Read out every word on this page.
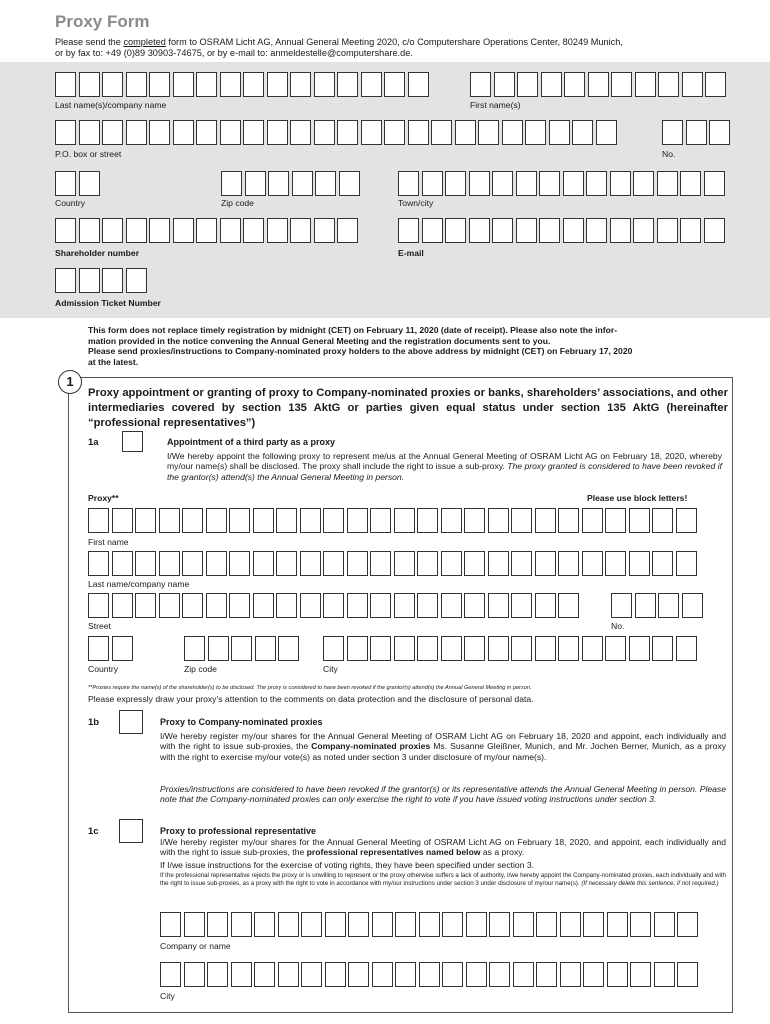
Proxy Form
Please send the completed form to OSRAM Licht AG, Annual General Meeting 2020, c/o Computershare Operations Center, 80249 Munich,
or by fax to: +49 (0)89 30903-74675, or by e-mail to: anmeldestelle@computershare.de.
Last name(s)/company name	First name(s)
P.O. box or street	No.
Country	Zip code	Town/city
Shareholder number	E-mail
Admission Ticket Number
This form does not replace timely registration by midnight (CET) on February 11, 2020 (date of receipt). Please also note the infor-
mation provided in the notice convening the Annual General Meeting and the registration documents sent to you.
Please send proxies/instructions to Company-nominated proxy holders to the above address by midnight (CET) on February 17, 2020
at the latest.
1
Proxy appointment or granting of proxy to Company-nominated proxies or banks, shareholders’ associations, and other intermediaries covered by section 135 AktG or parties given equal status under section 135 AktG (hereinafter “professional representatives”)
1a	Appointment of a third party as a proxy
I/We hereby appoint the following proxy to represent me/us at the Annual General Meeting of OSRAM Licht AG on February 18, 2020, whereby my/our name(s) shall be disclosed. The proxy shall include the right to issue a sub-proxy. The proxy granted is considered to have been revoked if the grantor(s) attend(s) the Annual General Meeting in person.
Proxy**	Please use block letters!
First name
Last name/company name
Street	No.
Country	Zip code	City
**Proxies require the name(s) of the shareholder(s) to be disclosed. The proxy is considered to have been revoked if the grantor(s) attend(s) the Annual General Meeting in person.
Please expressly draw your proxy’s attention to the comments on data protection and the disclosure of personal data.
1b	Proxy to Company-nominated proxies
I/We hereby register my/our shares for the Annual General Meeting of OSRAM Licht AG on February 18, 2020 and appoint, each individually and with the right to issue sub-proxies, the Company-nominated proxies Ms. Susanne Gleißner, Munich, and Mr. Jochen Berner, Munich, as a proxy with the right to exercise my/our vote(s) as noted under section 3 under disclosure of my/our name(s).
Proxies/instructions are considered to have been revoked if the grantor(s) or its representative attends the Annual General Meeting in person. Please note that the Company-nominated proxies can only exercise the right to vote if you have issued voting instructions under section 3.
1c	Proxy to professional representative
I/We hereby register my/our shares for the Annual General Meeting of OSRAM Licht AG on February 18, 2020, and appoint, each individually and with the right to issue sub-proxies, the professional representatives named below as a proxy.
If I/we issue instructions for the exercise of voting rights, they have been specified under section 3.
If the professional representative rejects the proxy or is unwilling to represent or the proxy otherwise suffers a lack of authority, I/we hereby appoint the Company-nominated proxies, each individually and with the right to issue sub-proxies, as a proxy with the right to vote in accordance with my/our instructions under section 3 under disclosure of my/our name(s). (If necessary delete this sentence, if not required.)
Company or name
City
